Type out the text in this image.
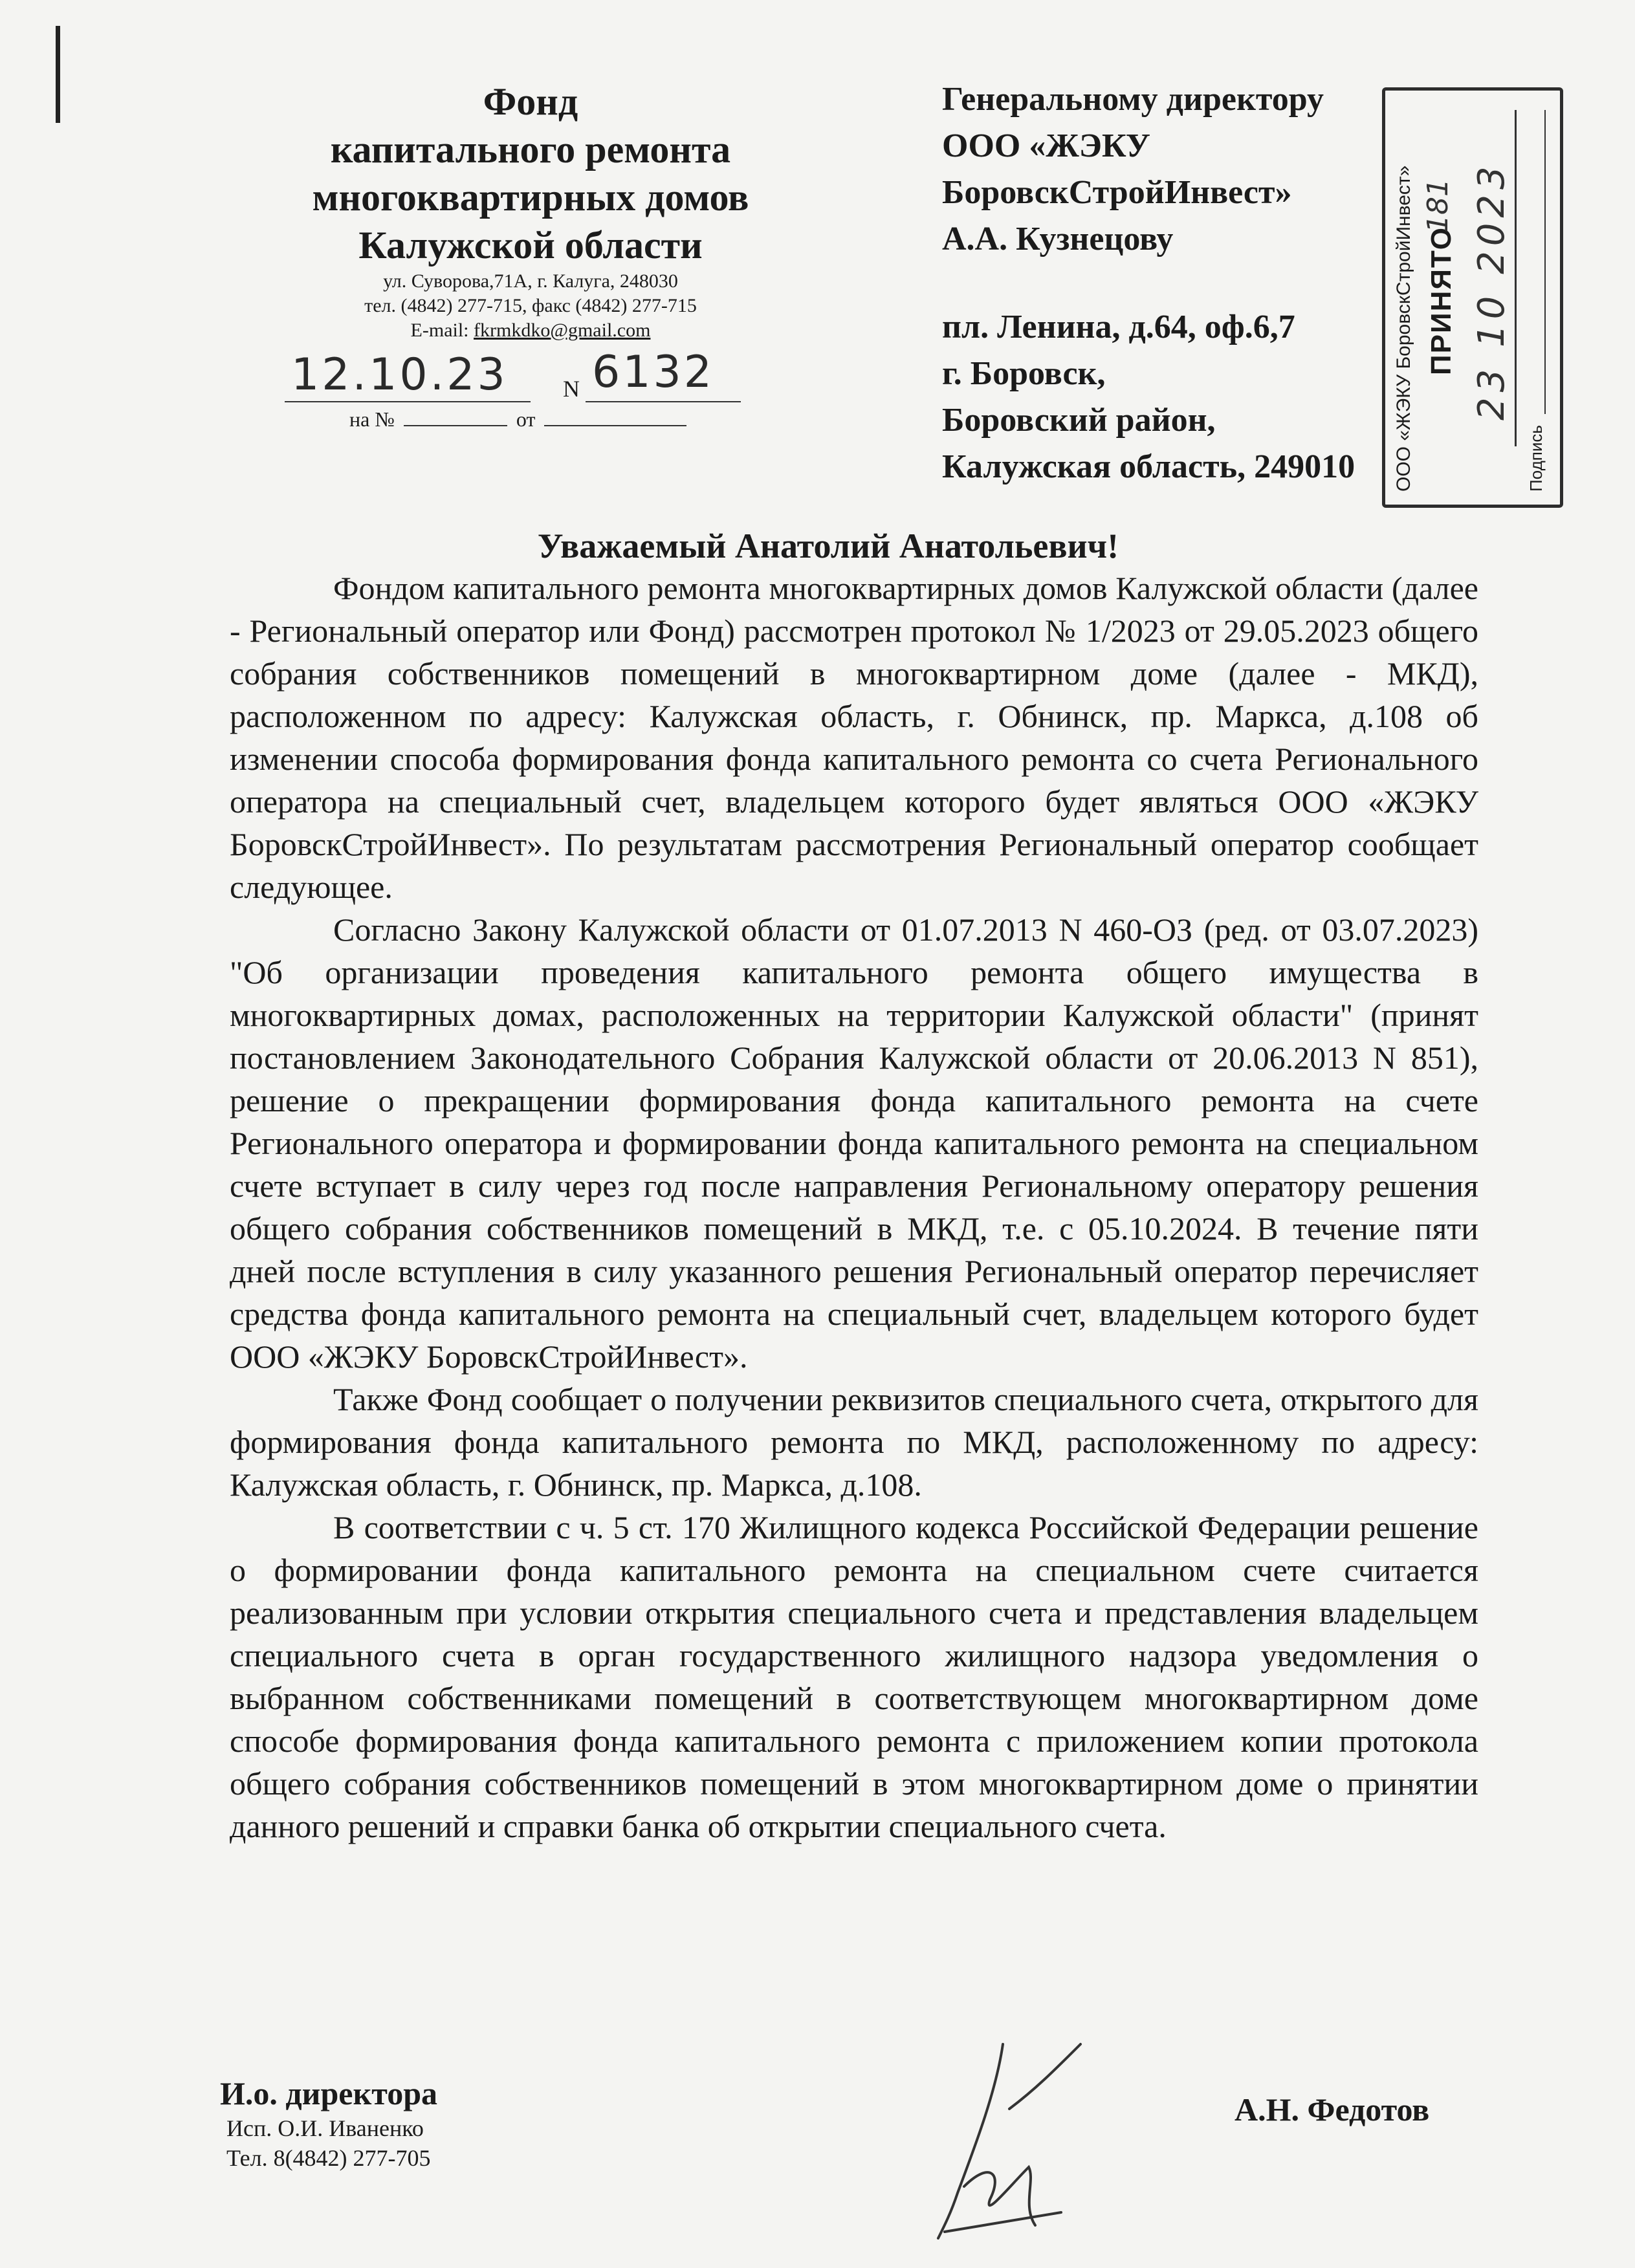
Фонд

капитального ремонта

многоквартирных домов

Калужской области

ул. Суворова,71А, г. Калуга, 248030

тел. (4842) 277-715, факс (4842) 277-715

E-mail: fkrmkdko@gmail.com

12.10.23 N 6132
на №	от

Генеральному директору

ООО «ЖЭКУ

БоровскСтройИнвест»

А.А. Кузнецову

пл. Ленина, д.64, оф.6,7

г. Боровск,

Боровский район,

Калужская область, 249010	ООО «ЖЭКУ БоровскСтройИнвест» ПРИНЯТО
181 23 10 2023
Подпись

Уважаемый Анатолий Анатольевич!

Фондом капитального ремонта многоквартирных домов Калужской области (далее - Региональный оператор или Фонд) рассмотрен протокол № 1/2023 от 29.05.2023 общего собрания собственников помещений в многоквартирном доме (далее - МКД), расположенном по адресу: Калужская область, г. Обнинск, пр. Маркса, д.108 об изменении способа формирования фонда капитального ремонта со счета Регионального оператора на специальный счет, владельцем которого будет являться ООО «ЖЭКУ БоровскСтройИнвест». По результатам рассмотрения Региональный оператор сообщает следующее.

Согласно Закону Калужской области от 01.07.2013 N 460-ОЗ (ред. от 03.07.2023) "Об организации проведения капитального ремонта общего имущества в многоквартирных домах, расположенных на территории Калужской области" (принят постановлением Законодательного Собрания Калужской области от 20.06.2013 N 851), решение о прекращении формирования фонда капитального ремонта на счете Регионального оператора и формировании фонда капитального ремонта на специальном счете вступает в силу через год после направления Региональному оператору решения общего собрания собственников помещений в МКД, т.е. с 05.10.2024. В течение пяти дней после вступления в силу указанного решения Региональный оператор перечисляет средства фонда капитального ремонта на специальный счет, владельцем которого будет ООО «ЖЭКУ БоровскСтройИнвест».

Также Фонд сообщает о получении реквизитов специального счета, открытого для формирования фонда капитального ремонта по МКД, расположенному по адресу: Калужская область, г. Обнинск, пр. Маркса, д.108.

В соответствии с ч. 5 ст. 170 Жилищного кодекса Российской Федерации решение о формировании фонда капитального ремонта на специальном счете считается реализованным при условии открытия специального счета и представления владельцем специального счета в орган государственного жилищного надзора уведомления о выбранном собственниками помещений в соответствующем многоквартирном доме способе формирования фонда капитального ремонта с приложением копии протокола общего собрания собственников помещений в этом многоквартирном доме о принятии данного решений и справки банка об открытии специального счета.

И.о. директора

Исп. О.И. Иваненко

Тел. 8(4842) 277-705

А.Н. Федотов
